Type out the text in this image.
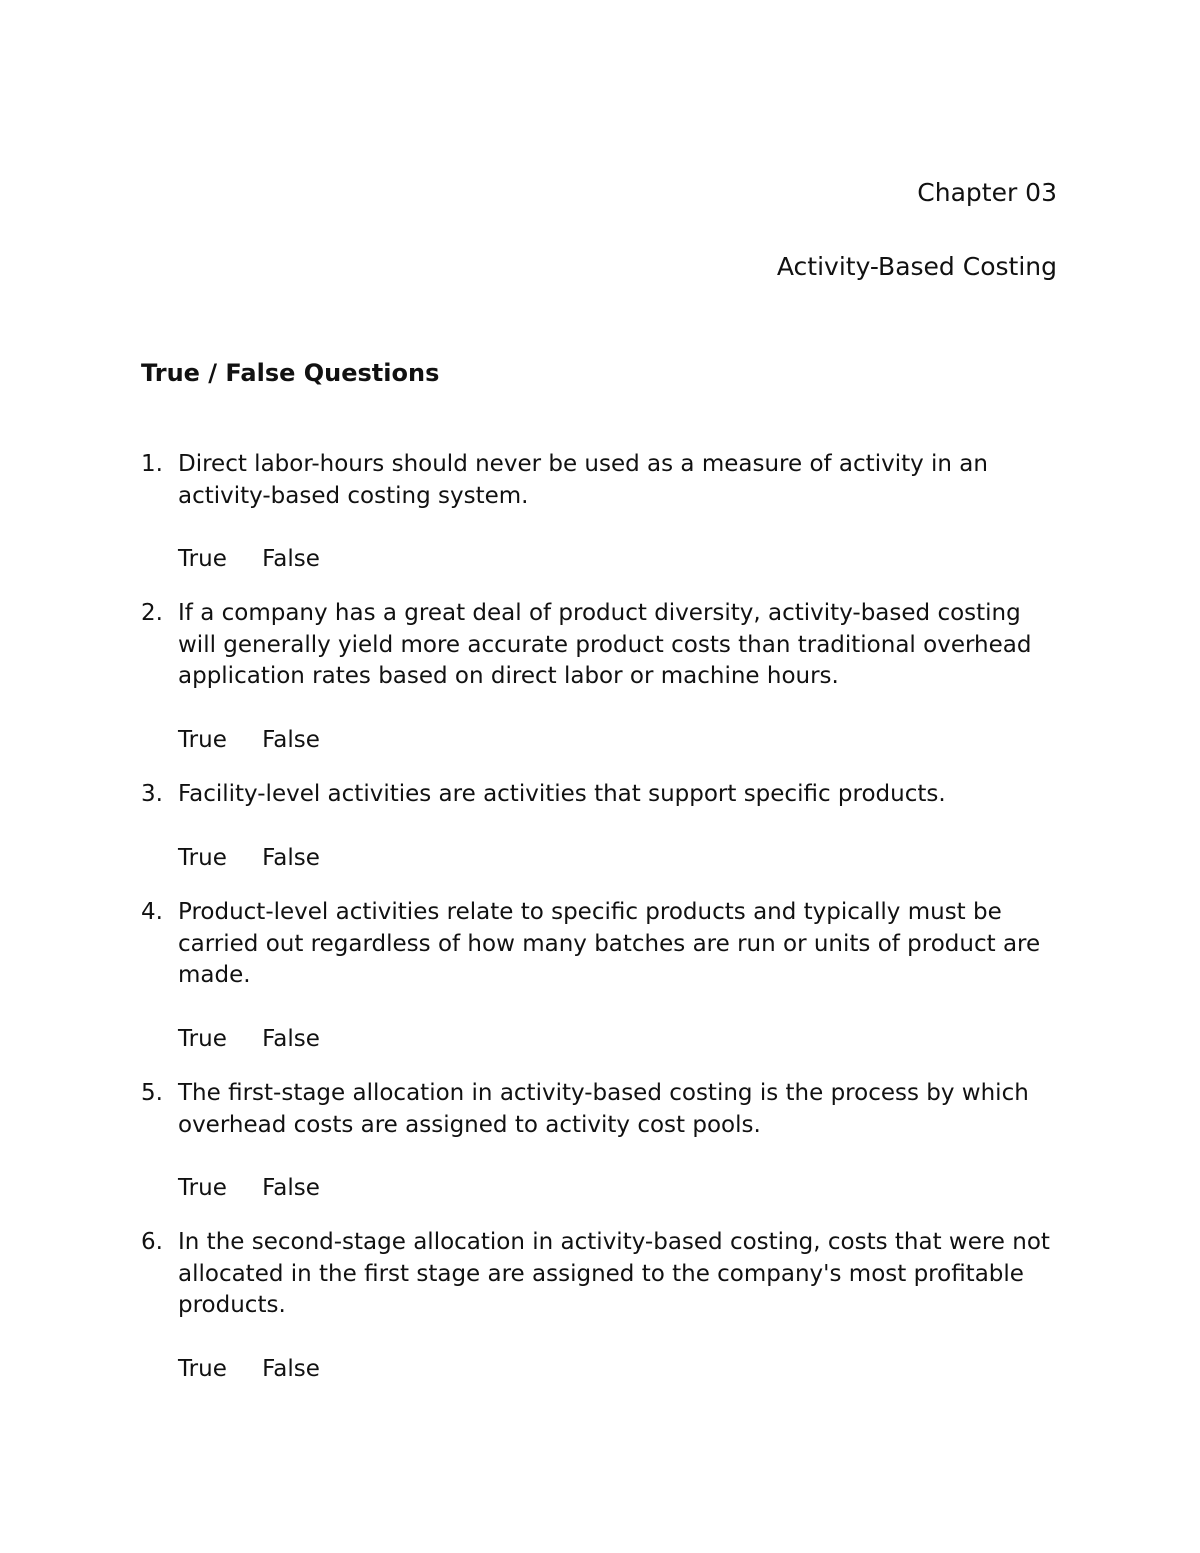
Chapter 03
Activity-Based Costing
True / False Questions
1. Direct labor-hours should never be used as a measure of activity in an activity-based costing system.
True False
2. If a company has a great deal of product diversity, activity-based costing will generally yield more accurate product costs than traditional overhead application rates based on direct labor or machine hours.
True False
3. Facility-level activities are activities that support specific products.
True False
4. Product-level activities relate to specific products and typically must be carried out regardless of how many batches are run or units of product are made.
True False
5. The first-stage allocation in activity-based costing is the process by which overhead costs are assigned to activity cost pools.
True False
6. In the second-stage allocation in activity-based costing, costs that were not allocated in the first stage are assigned to the company's most profitable products.
True False
